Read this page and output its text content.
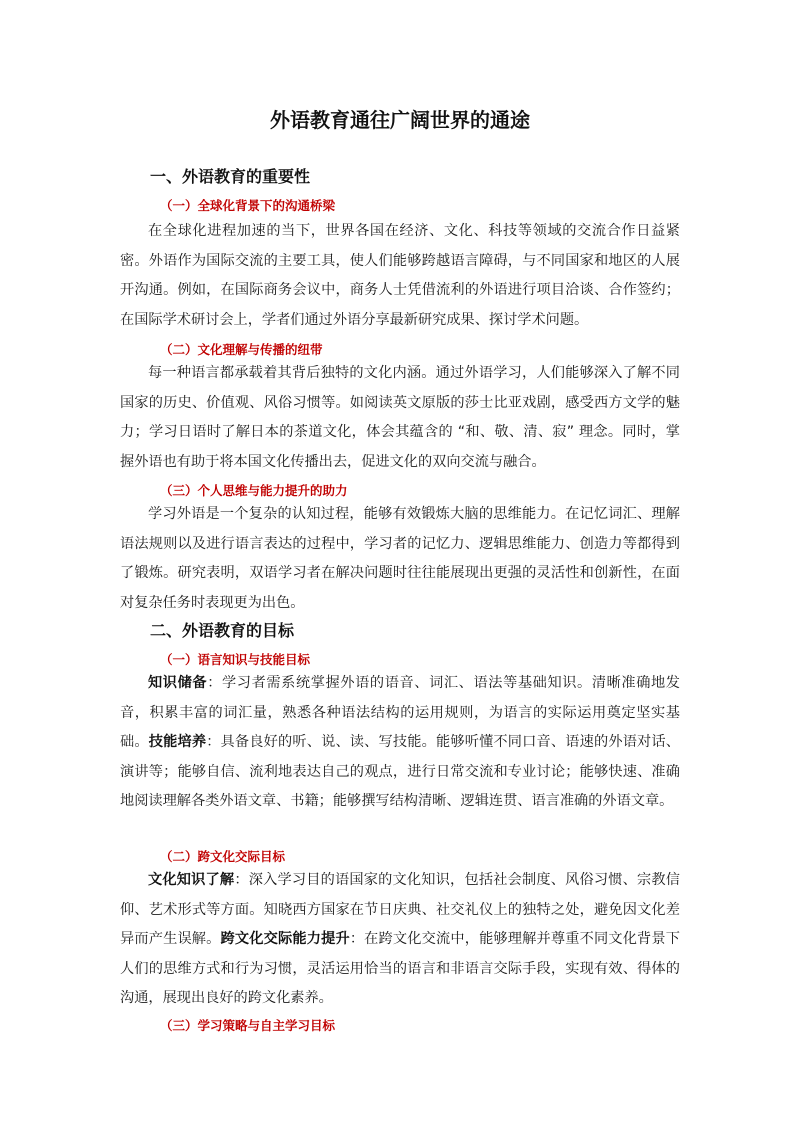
外语教育通往广阔世界的通途
一、外语教育的重要性
（一）全球化背景下的沟通桥梁
在全球化进程加速的当下，世界各国在经济、文化、科技等领域的交流合作日益紧密。外语作为国际交流的主要工具，使人们能够跨越语言障碍，与不同国家和地区的人展开沟通。例如，在国际商务会议中，商务人士凭借流利的外语进行项目洽谈、合作签约；在国际学术研讨会上，学者们通过外语分享最新研究成果、探讨学术问题。
（二）文化理解与传播的纽带
每一种语言都承载着其背后独特的文化内涵。通过外语学习，人们能够深入了解不同国家的历史、价值观、风俗习惯等。如阅读英文原版的莎士比亚戏剧，感受西方文学的魅力；学习日语时了解日本的茶道文化，体会其蕴含的 “和、敬、清、寂” 理念。同时，掌握外语也有助于将本国文化传播出去，促进文化的双向交流与融合。
（三）个人思维与能力提升的助力
学习外语是一个复杂的认知过程，能够有效锻炼大脑的思维能力。在记忆词汇、理解语法规则以及进行语言表达的过程中，学习者的记忆力、逻辑思维能力、创造力等都得到了锻炼。研究表明，双语学习者在解决问题时往往能展现出更强的灵活性和创新性，在面对复杂任务时表现更为出色。
二、外语教育的目标
（一）语言知识与技能目标
知识储备：学习者需系统掌握外语的语音、词汇、语法等基础知识。清晰准确地发音，积累丰富的词汇量，熟悉各种语法结构的运用规则，为语言的实际运用奠定坚实基础。技能培养：具备良好的听、说、读、写技能。能够听懂不同口音、语速的外语对话、演讲等；能够自信、流利地表达自己的观点，进行日常交流和专业讨论；能够快速、准确地阅读理解各类外语文章、书籍；能够撰写结构清晰、逻辑连贯、语言准确的外语文章。
（二）跨文化交际目标
文化知识了解：深入学习目的语国家的文化知识，包括社会制度、风俗习惯、宗教信仰、艺术形式等方面。知晓西方国家在节日庆典、社交礼仪上的独特之处，避免因文化差异而产生误解。跨文化交际能力提升：在跨文化交流中，能够理解并尊重不同文化背景下人们的思维方式和行为习惯，灵活运用恰当的语言和非语言交际手段，实现有效、得体的沟通，展现出良好的跨文化素养。
（三）学习策略与自主学习目标
